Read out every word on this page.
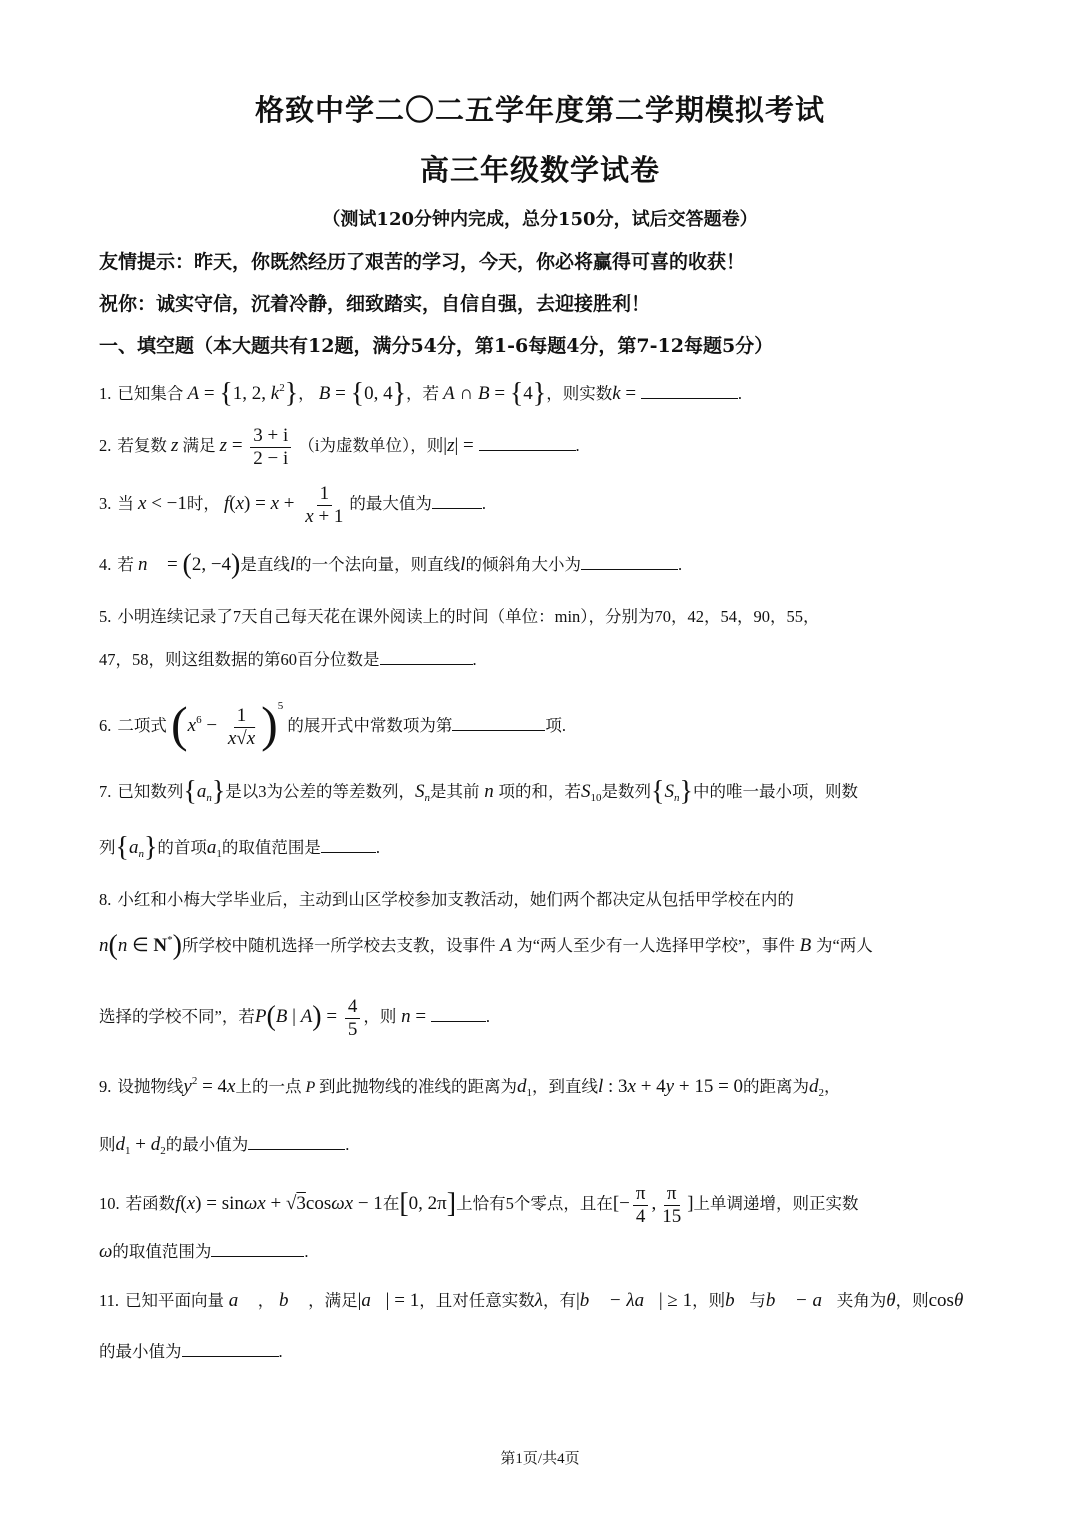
格致中学二〇二五学年度第二学期模拟考试
高三年级数学试卷
（测试120分钟内完成，总分150分，试后交答题卷）
友情提示：昨天，你既然经历了艰苦的学习，今天，你必将赢得可喜的收获！
祝你：诚实守信，沉着冷静，细致踏实，自信自强，去迎接胜利！
一、填空题（本大题共有12题，满分54分，第1-6每题4分，第7-12每题5分）
1. 已知集合 A = {1, 2, $k^2$}， B = {0, 4}，若 A ∩ B = {4}，则实数k =	.
2. 若复数 z 满足 $z = \frac{3 + i}{2 - i} (i$为虚数单位），则|z| =	.
3. 当 x < −1时， $f(x) = x + \frac{1}{x + 1}$ 的最大值为	.
4. 若 n⃗ = (2, −4)是直线l的一个法向量，则直线l的倾斜角大小为	.
5. 小明连续记录了7天自己每天花在课外阅读上的时间（单位：min），分别为70，42，54，90，55，
47，58，则这组数据的第60百分位数是	.
6. 二项式 $(x^6 - \frac{1}{x√x} )^5$ 的展开式中常数项为第	项.
7. 已知数列$\{a_n\}$是以3为公差的等差数列，$S_n$是其前 n 项的和，若$S_{10}$是数列$\{S_n\}$中的唯一最小项，则数
列$\{a_n\}$的首项$a_1$的取值范围是	.
8. 小红和小梅大学毕业后，主动到山区学校参加支教活动，她们两个都决定从包括甲学校在内的
n(n ∈ N*)所学校中随机选择一所学校去支教，设事件 A 为“两人至少有一人选择甲学校”，事件 B 为“两人
选择的学校不同”，若P(B | $A) = \frac{4}{5}$ ，则 n =	.
9. 设抛物线$y^2 = 4x$上的一点 P 到此抛物线的准线的距离为$d_1$，到直线l : 3x + 4y + 15 = 0的距离为$d_2$，
则$d_1 + d_2$的最小值为	.
10. 若函数f(x) = sinωx + √3cosωx − 1在[0, 2π]上恰有5个零点，且在[− $\frac{\pi}{4}$ , $\frac{\pi}{15}$ ]上单调递增，则正实数
ω的取值范围为	.
11. 已知平面向量 a⃗ ， b⃗ ，满足|a⃗| = 1，且对任意实数λ，有|b⃗ − λa⃗| ≥ 1，则b⃗与b⃗ − a⃗夹角为θ，则cosθ
的最小值为	.
第1页/共4页
